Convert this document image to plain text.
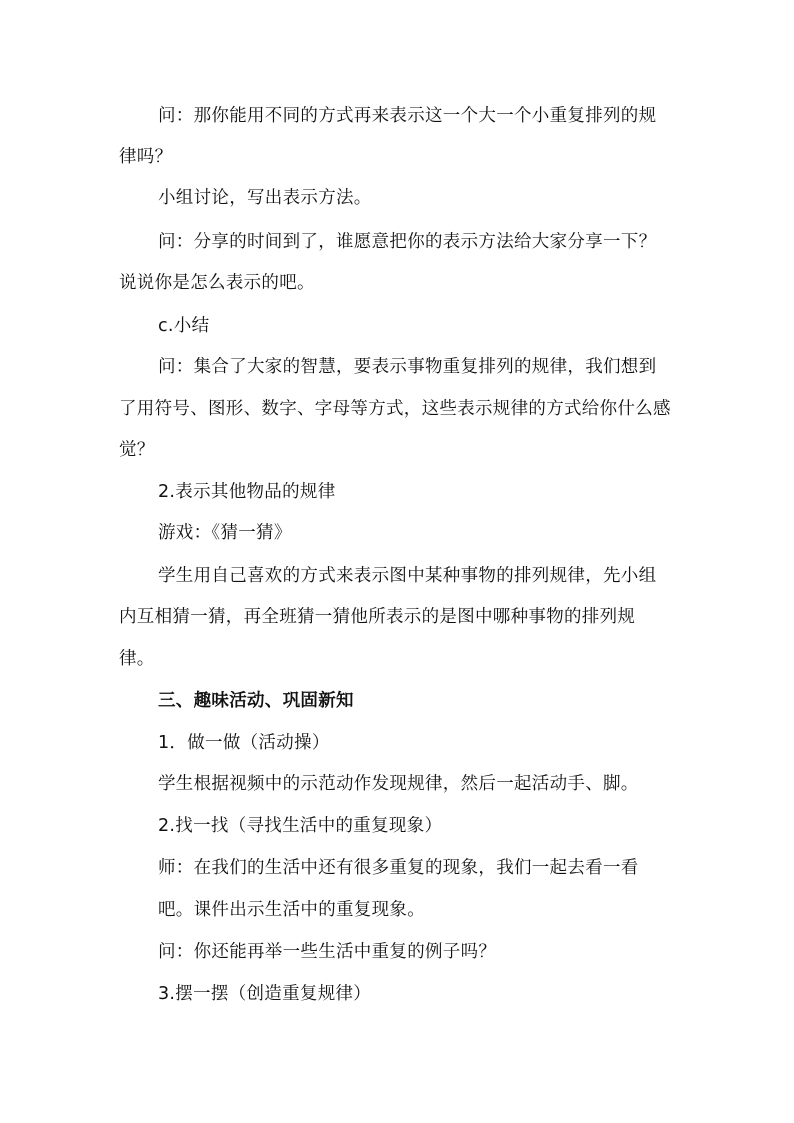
问：那你能用不同的方式再来表示这一个大一个小重复排列的规
律吗？
小组讨论，写出表示方法。
问：分享的时间到了，谁愿意把你的表示方法给大家分享一下？
说说你是怎么表示的吧。
c.小结
问：集合了大家的智慧，要表示事物重复排列的规律，我们想到
了用符号、图形、数字、字母等方式，这些表示规律的方式给你什么感
觉？
2.表示其他物品的规律
游戏：《猜一猜》
学生用自己喜欢的方式来表示图中某种事物的排列规律，先小组
内互相猜一猜，再全班猜一猜他所表示的是图中哪种事物的排列规
律。
三、趣味活动、巩固新知
1．做一做（活动操）
学生根据视频中的示范动作发现规律，然后一起活动手、脚。
2.找一找（寻找生活中的重复现象）
师：在我们的生活中还有很多重复的现象，我们一起去看一看
吧。课件出示生活中的重复现象。
问：你还能再举一些生活中重复的例子吗？
3.摆一摆（创造重复规律）
